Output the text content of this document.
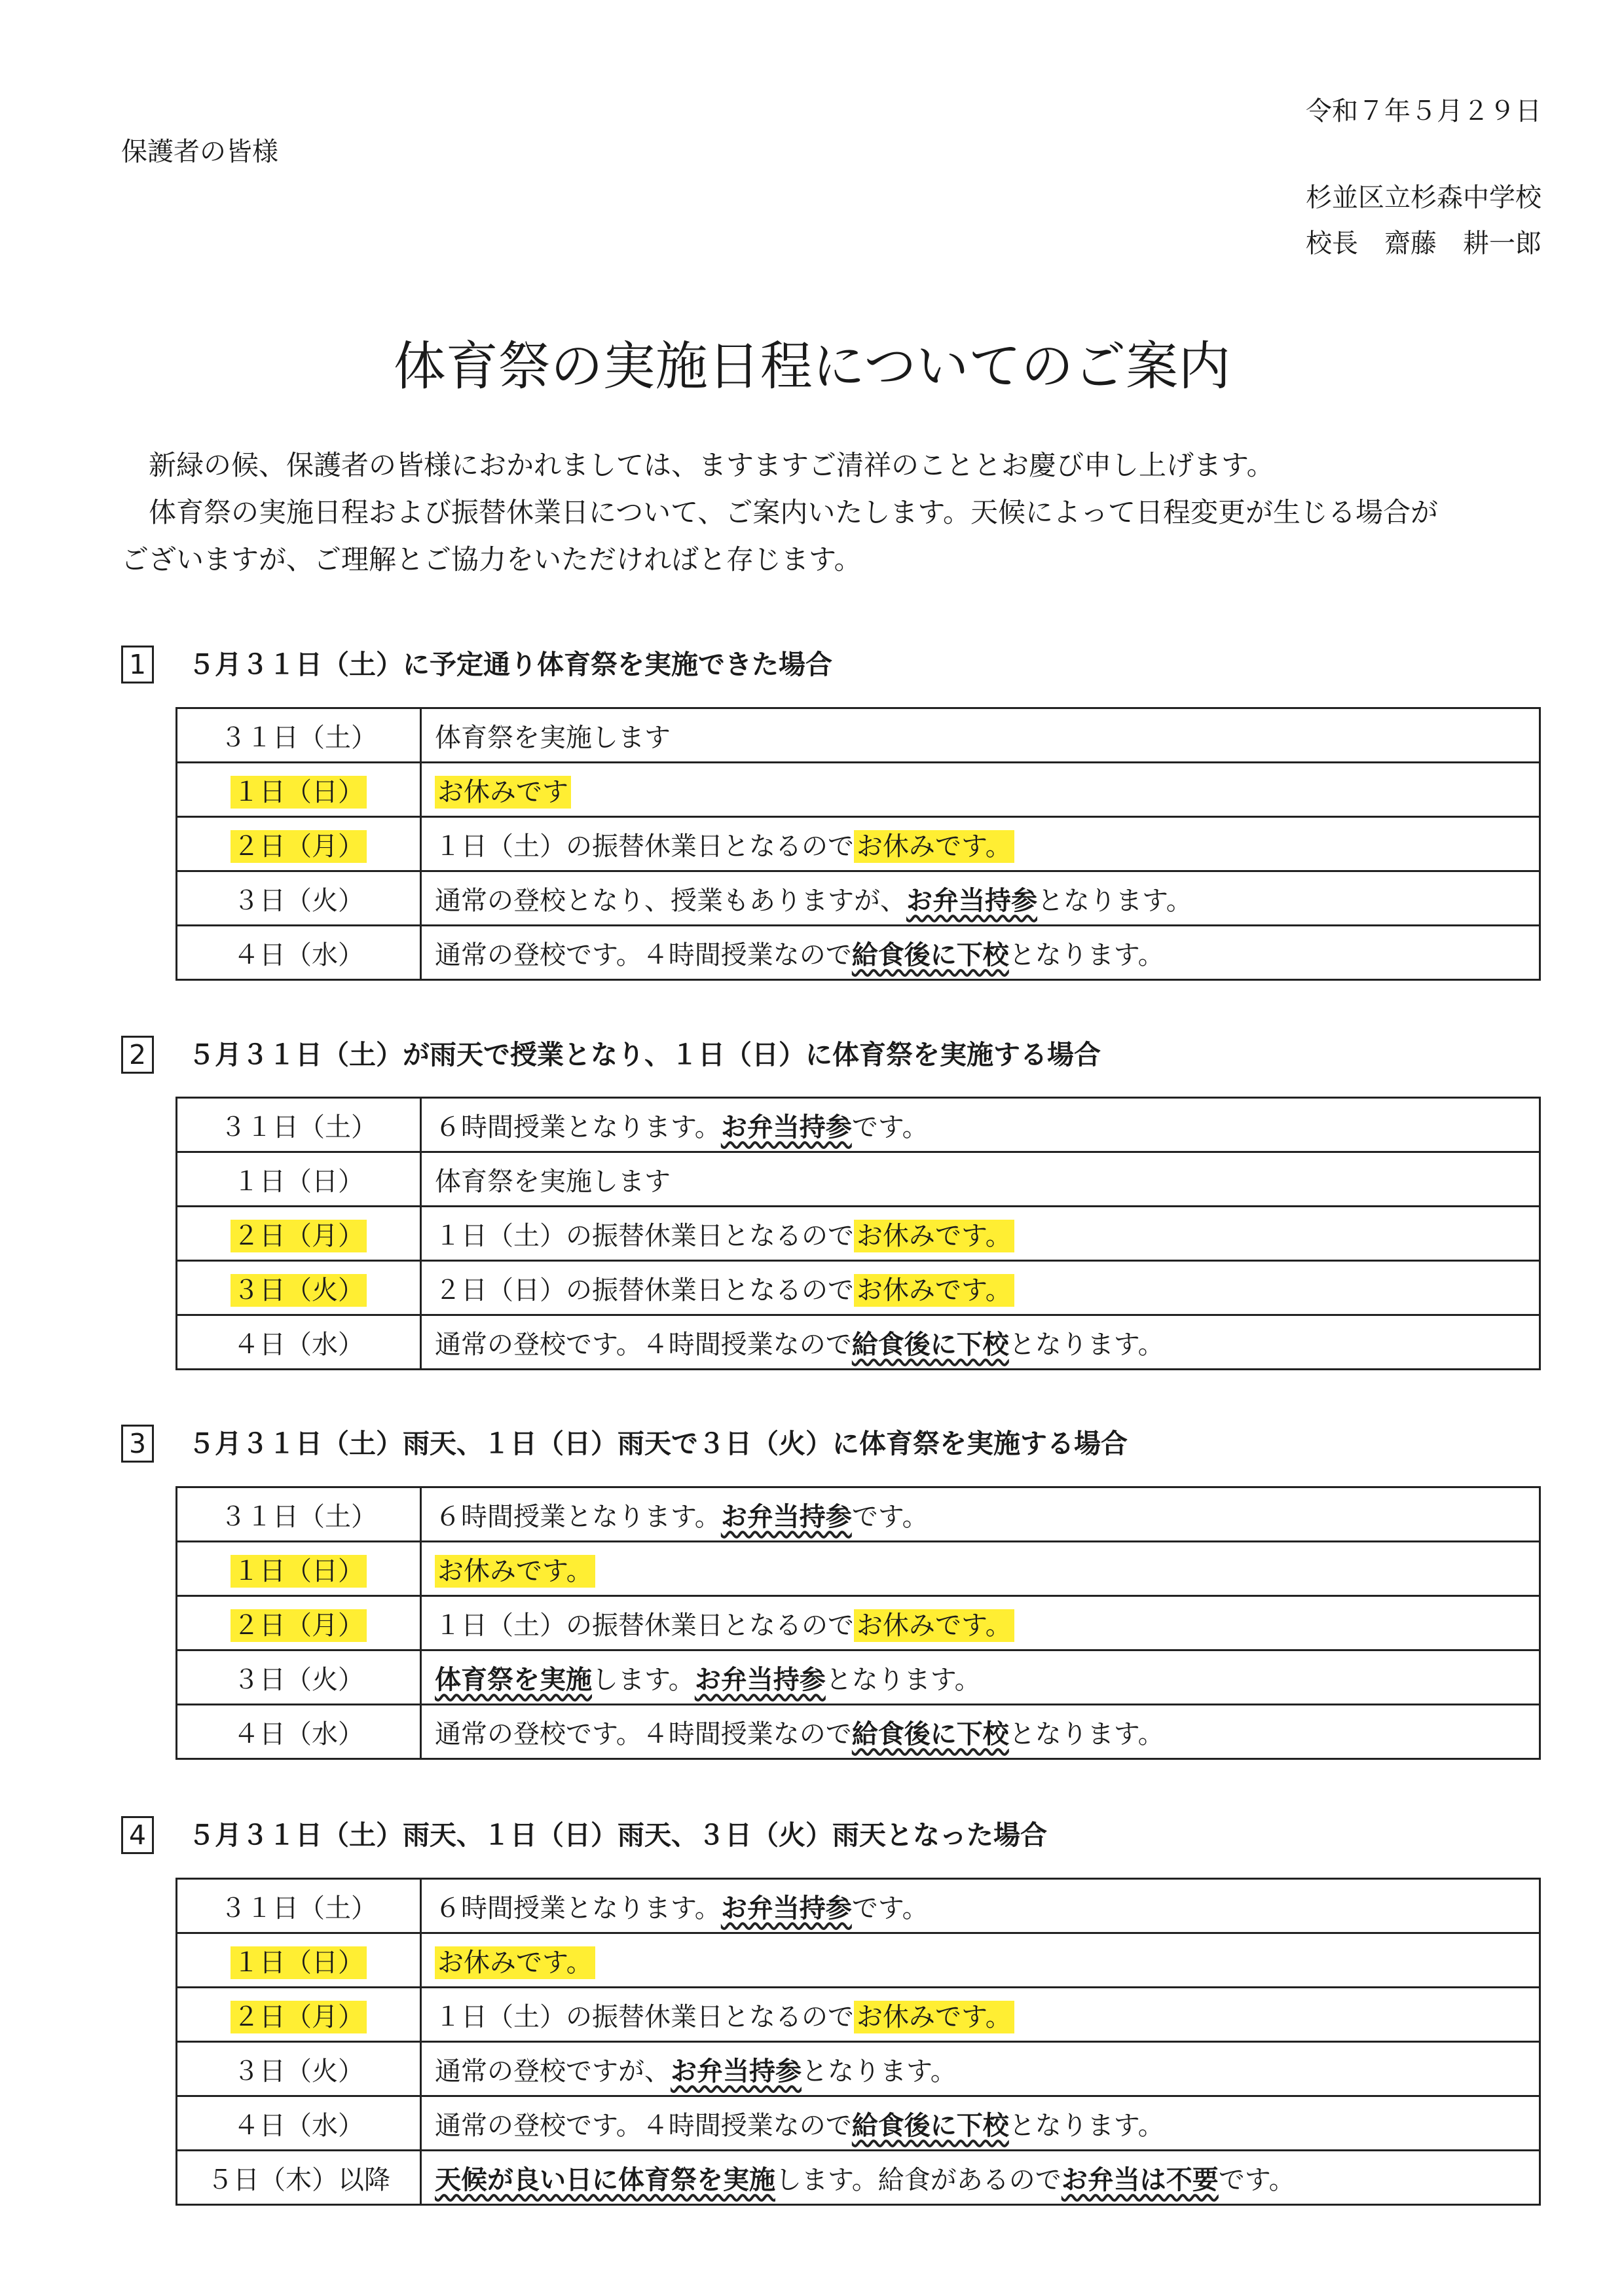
令和７年５月２９日
保護者の皆様
杉並区立杉森中学校
校長　齋藤　耕一郎
体育祭の実施日程についてのご案内

新緑の候、保護者の皆様におかれましては、ますますご清祥のこととお慶び申し上げます。

体育祭の実施日程および振替休業日について、ご案内いたします。天候によって日程変更が生じる場合が

ございますが、ご理解とご協力をいただければと存じます。

1 ５月３１日（土）に予定通り体育祭を実施できた場合
３１日（土）	体育祭を実施します
１日（日）	お休みです
２日（月）	１日（土）の振替休業日となるので お休みです。
３日（火）	通常の登校となり、授業もありますが、お弁当持参となります。
４日（水）	通常の登校です。４時間授業なので給食後に下校となります。
2 ５月３１日（土）が雨天で授業となり、１日（日）に体育祭を実施する場合
３１日（土）	６時間授業となります。お弁当持参です。
１日（日）	体育祭を実施します
２日（月）	１日（土）の振替休業日となるので お休みです。
３日（火）	２日（日）の振替休業日となるので お休みです。
４日（水）	通常の登校です。４時間授業なので給食後に下校となります。
3 ５月３１日（土）雨天、１日（日）雨天で３日（火）に体育祭を実施する場合
３１日（土）	６時間授業となります。お弁当持参です。
１日（日）	お休みです。
２日（月）	１日（土）の振替休業日となるので お休みです。
３日（火）	体育祭を実施します。お弁当持参となります。
４日（水）	通常の登校です。４時間授業なので給食後に下校となります。
4 ５月３１日（土）雨天、１日（日）雨天、３日（火）雨天となった場合
３１日（土）	６時間授業となります。お弁当持参です。
１日（日）	お休みです。
２日（月）	１日（土）の振替休業日となるので お休みです。
３日（火）	通常の登校ですが、お弁当持参となります。
４日（水）	通常の登校です。４時間授業なので給食後に下校となります。
５日（木）以降	天候が良い日に体育祭を実施します。給食があるのでお弁当は不要です。
